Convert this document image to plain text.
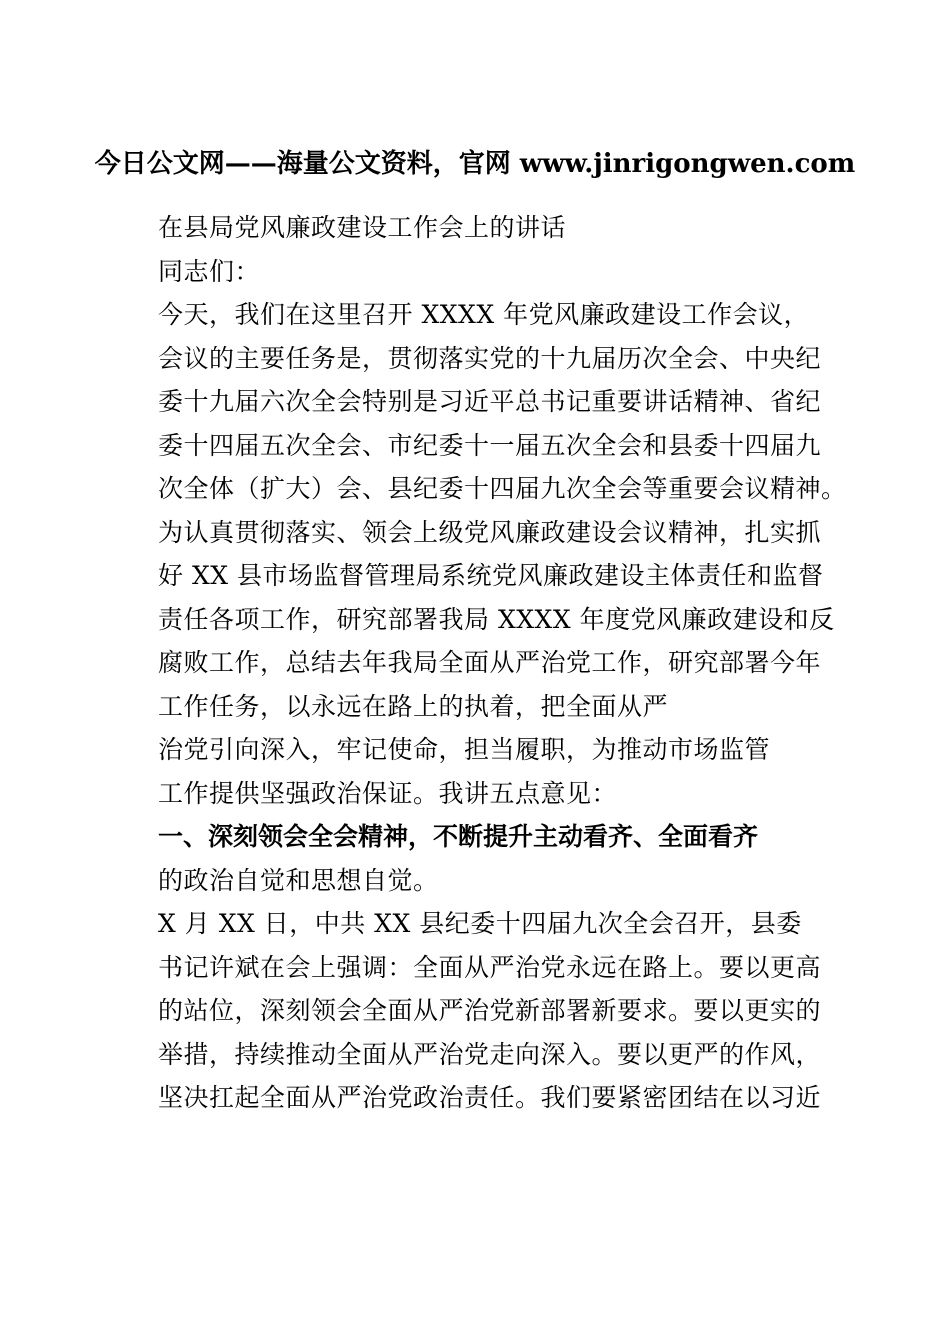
今日公文网——海量公文资料，官网 www.jinrigongwen.com
在县局党风廉政建设工作会上的讲话
同志们：
今天，我们在这里召开 XXXX 年党风廉政建设工作会议，
会议的主要任务是，贯彻落实党的十九届历次全会、中央纪
委十九届六次全会特别是习近平总书记重要讲话精神、省纪
委十四届五次全会、市纪委十一届五次全会和县委十四届九
次全体（扩大）会、县纪委十四届九次全会等重要会议精神。
为认真贯彻落实、领会上级党风廉政建设会议精神，扎实抓
好 XX 县市场监督管理局系统党风廉政建设主体责任和监督
责任各项工作，研究部署我局 XXXX 年度党风廉政建设和反
腐败工作，总结去年我局全面从严治党工作，研究部署今年
工作任务，以永远在路上的执着，把全面从严
治党引向深入，牢记使命，担当履职，为推动市场监管
工作提供坚强政治保证。我讲五点意见：
一、深刻领会全会精神，不断提升主动看齐、全面看齐
的政治自觉和思想自觉。
X 月 XX 日，中共 XX 县纪委十四届九次全会召开，县委
书记许斌在会上强调：全面从严治党永远在路上。要以更高
的站位，深刻领会全面从严治党新部署新要求。要以更实的
举措，持续推动全面从严治党走向深入。要以更严的作风，
坚决扛起全面从严治党政治责任。我们要紧密团结在以习近
